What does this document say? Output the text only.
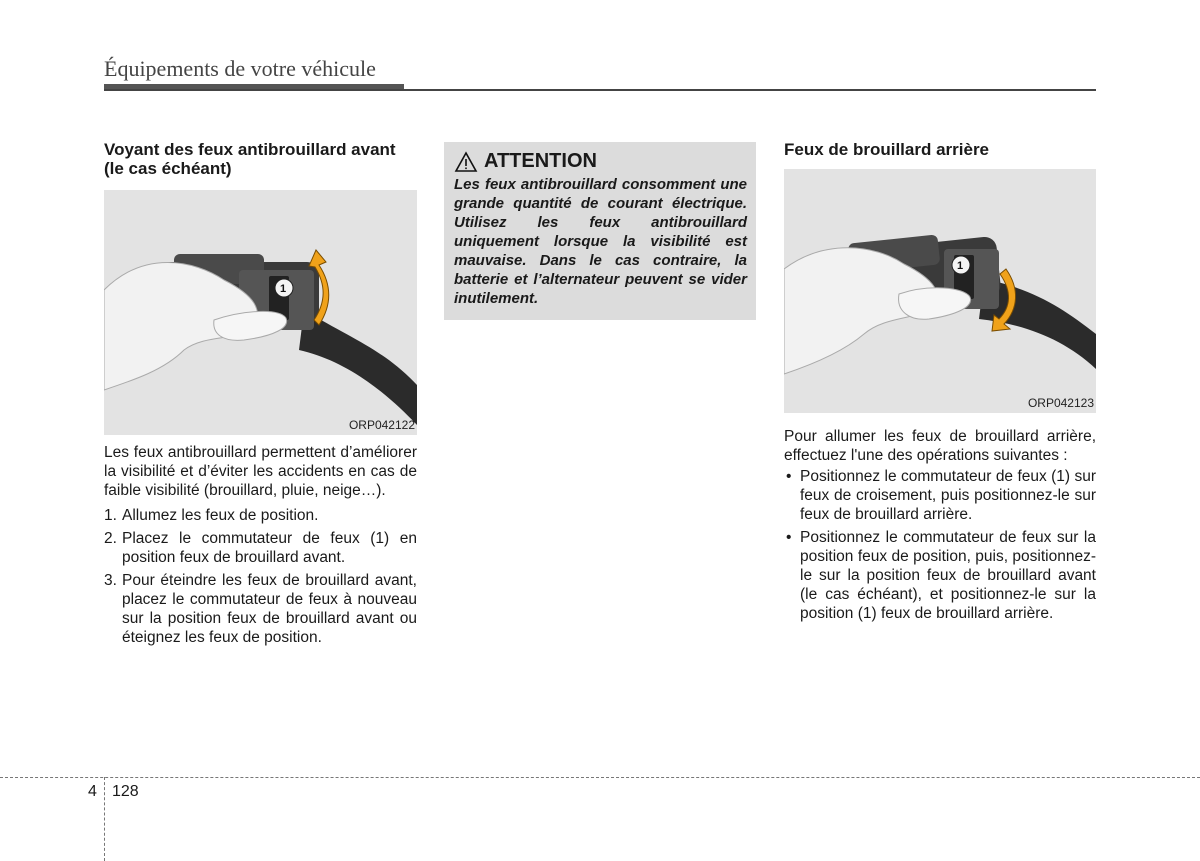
Équipements de votre véhicule
Voyant des feux antibrouillard avant (le cas échéant)
1
ORP042122

Les feux antibrouillard permettent d’améliorer la visibilité et d’éviter les accidents en cas de faible visibilité (brouillard, pluie, neige…).

1. Allumez les feux de position.
2. Placez le commutateur de feux (1) en position feux de brouillard avant.
3. Pour éteindre les feux de brouillard avant, placez le commutateur de feux à nouveau sur la position feux de brouillard avant ou éteignez les feux de position.
ATTENTION

Les feux antibrouillard consomment une grande quantité de courant électrique. Utilisez les feux antibrouillard uniquement lorsque la visibilité est mauvaise. Dans le cas contraire, la batterie et l’alternateur peuvent se vider inutilement.

Feux de brouillard arrière
1
ORP042123

Pour allumer les feux de brouillard arrière, effectuez l'une des opérations suivantes :

• Positionnez le commutateur de feux (1) sur feux de croisement, puis positionnez-le sur feux de brouillard arrière.
• Positionnez le commutateur de feux sur la position feux de position, puis, positionnez-le sur la position feux de brouillard avant (le cas échéant), et positionnez-le sur la position (1) feux de brouillard arrière.
4 128
